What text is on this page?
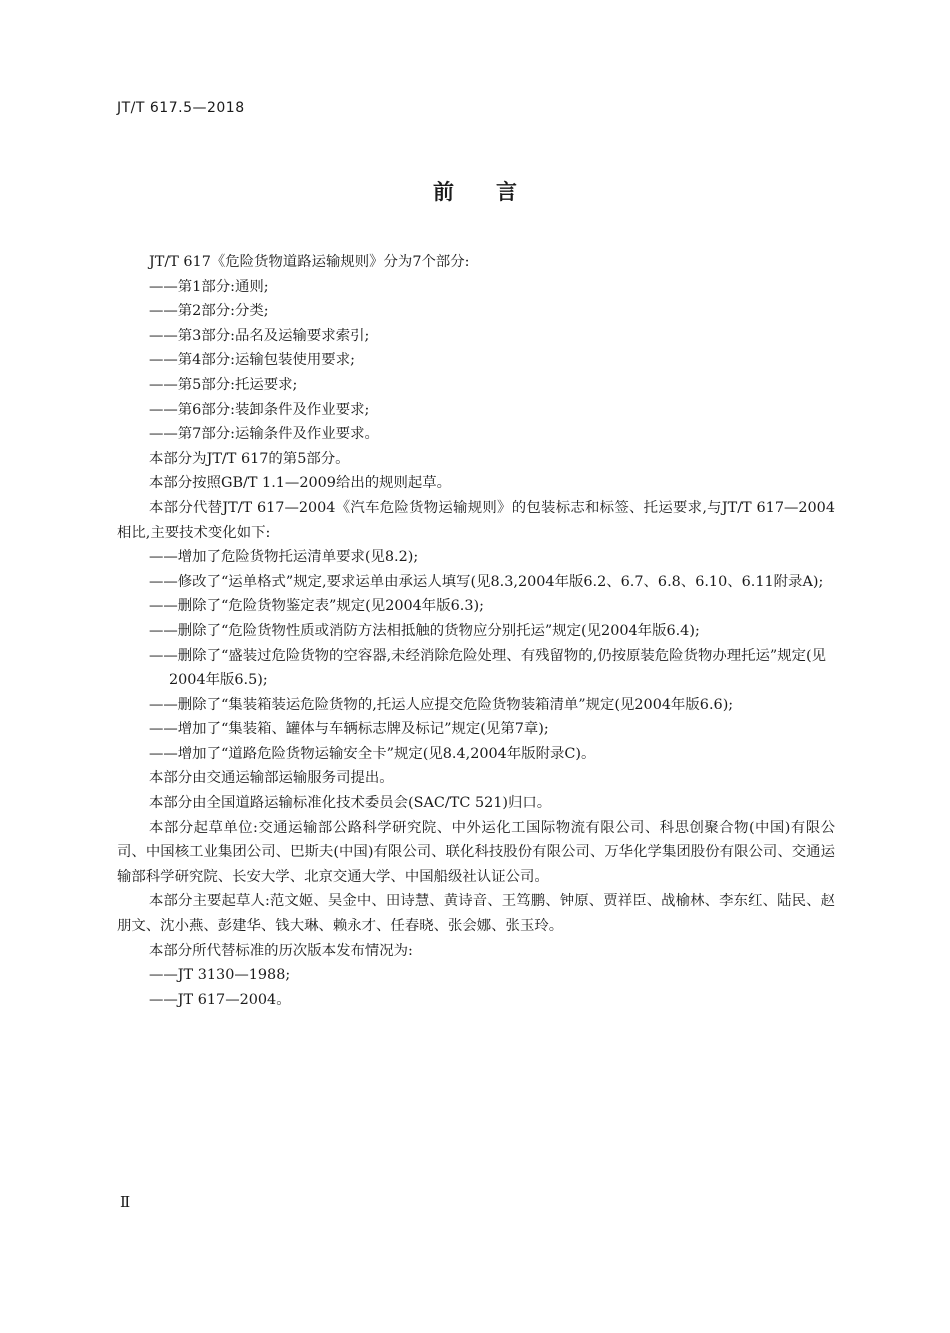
JT/T 617.5—2018
前言

JT/T 617《危险货物道路运输规则》分为7个部分:

——第1部分:通则;

——第2部分:分类;

——第3部分:品名及运输要求索引;

——第4部分:运输包装使用要求;

——第5部分:托运要求;

——第6部分:装卸条件及作业要求;

——第7部分:运输条件及作业要求。

本部分为JT/T 617的第5部分。

本部分按照GB/T 1.1—2009给出的规则起草。

本部分代替JT/T 617—2004《汽车危险货物运输规则》的包装标志和标签、托运要求,与JT/T 617—2004相比,主要技术变化如下:

——增加了危险货物托运清单要求(见8.2);

——修改了“运单格式”规定,要求运单由承运人填写(见8.3,2004年版6.2、6.7、6.8、6.10、6.11附录A);

——删除了“危险货物鉴定表”规定(见2004年版6.3);

——删除了“危险货物性质或消防方法相抵触的货物应分别托运”规定(见2004年版6.4);

——删除了“盛装过危险货物的空容器,未经消除危险处理、有残留物的,仍按原装危险货物办理托运”规定(见2004年版6.5);

——删除了“集装箱装运危险货物的,托运人应提交危险货物装箱清单”规定(见2004年版6.6);

——增加了“集装箱、罐体与车辆标志牌及标记”规定(见第7章);

——增加了“道路危险货物运输安全卡”规定(见8.4,2004年版附录C)。

本部分由交通运输部运输服务司提出。

本部分由全国道路运输标准化技术委员会(SAC/TC 521)归口。

本部分起草单位:交通运输部公路科学研究院、中外运化工国际物流有限公司、科思创聚合物(中国)有限公司、中国核工业集团公司、巴斯夫(中国)有限公司、联化科技股份有限公司、万华化学集团股份有限公司、交通运输部科学研究院、长安大学、北京交通大学、中国船级社认证公司。

本部分主要起草人:范文姬、吴金中、田诗慧、黄诗音、王笃鹏、钟原、贾祥臣、战榆林、李东红、陆民、赵朋文、沈小燕、彭建华、钱大琳、赖永才、任春晓、张会娜、张玉玲。

本部分所代替标准的历次版本发布情况为:

——JT 3130—1988;

——JT 617—2004。

Ⅱ
